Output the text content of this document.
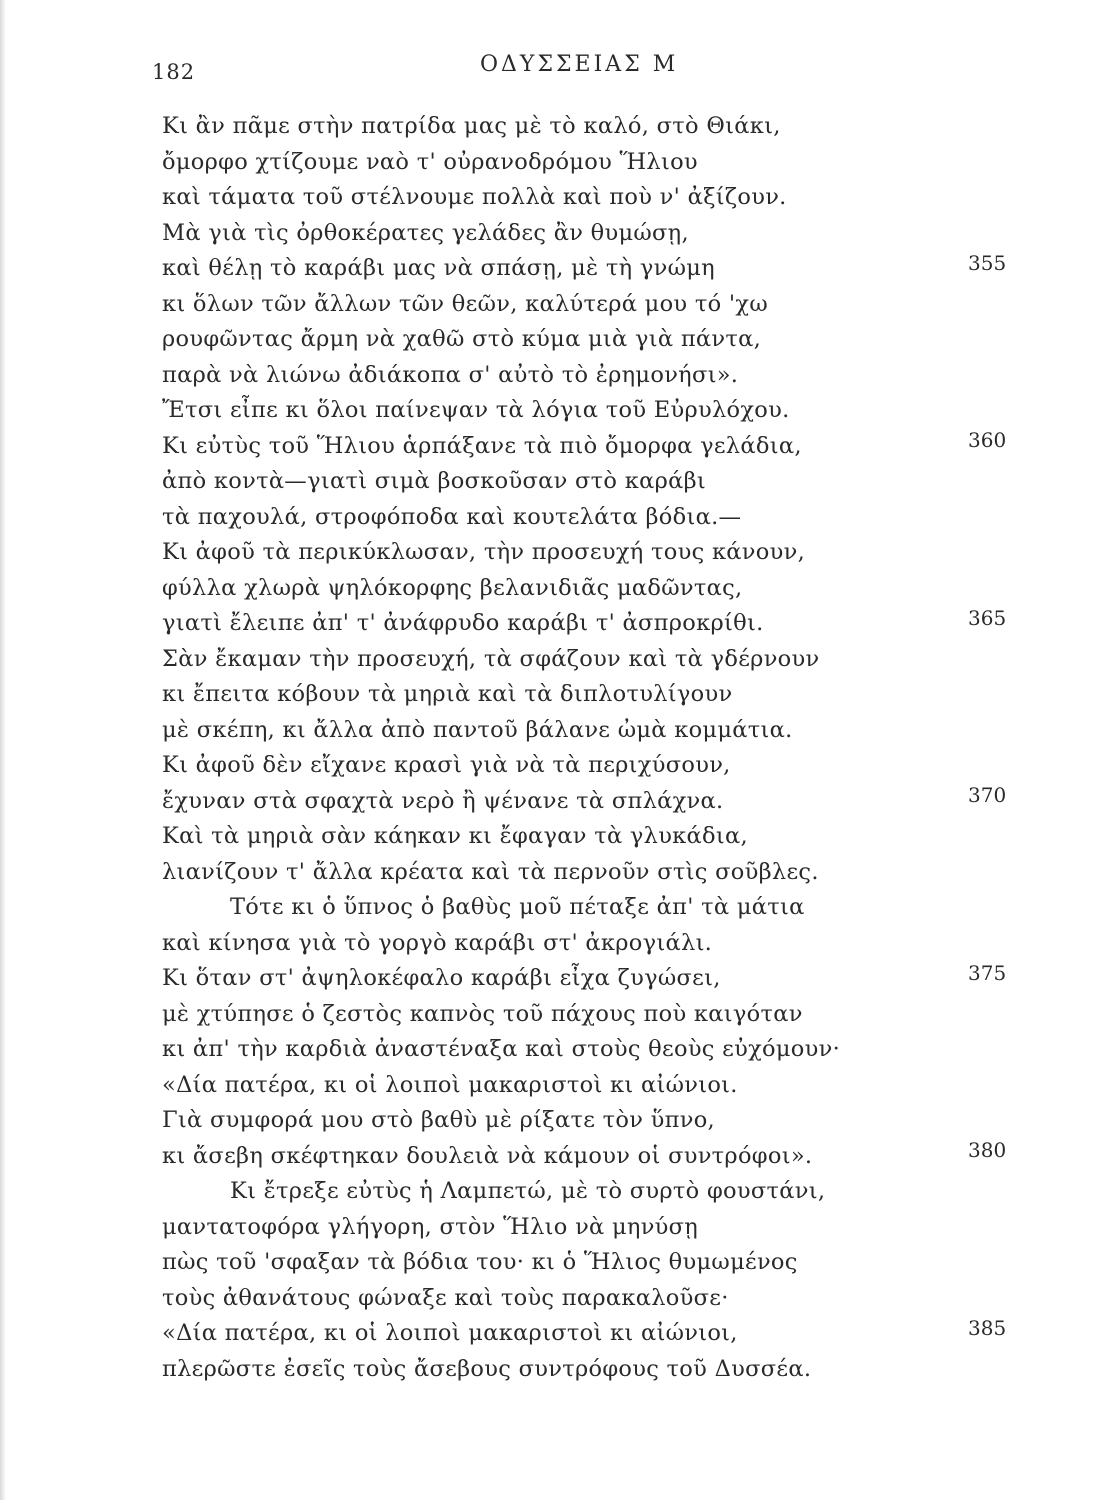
182	ΟΔΥΣΣΕΙΑΣ Μ
Κι ἂν πᾶμε στὴν πατρίδα μας μὲ τὸ καλό, στὸ Θιάκι,
ὄμορφο χτίζουμε ναὸ τ' οὐρανοδρόμου Ἥλιου
καὶ τάματα τοῦ στέλνουμε πολλὰ καὶ ποὺ ν' ἀξίζουν.
Μὰ γιὰ τὶς ὀρθοκέρατες γελάδες ἂν θυμώσῃ,
καὶ θέλῃ τὸ καράβι μας νὰ σπάσῃ, μὲ τὴ γνώμη
κι ὅλων τῶν ἄλλων τῶν θεῶν, καλύτερά μου τό 'χω
ρουφῶντας ἄρμη νὰ χαθῶ στὸ κύμα μιὰ γιὰ πάντα,
παρὰ νὰ λιώνω ἀδιάκοπα σ' αὐτὸ τὸ ἐρημονήσι».
Ἔτσι εἶπε κι ὅλοι παίνεψαν τὰ λόγια τοῦ Εὐρυλόχου.
Κι εὐτὺς τοῦ Ἥλιου ἁρπάξανε τὰ πιὸ ὄμορφα γελάδια,
ἀπὸ κοντὰ—γιατὶ σιμὰ βοσκοῦσαν στὸ καράβι
τὰ παχουλά, στροφόποδα καὶ κουτελάτα βόδια.—
Κι ἀφοῦ τὰ περικύκλωσαν, τὴν προσευχή τους κάνουν,
φύλλα χλωρὰ ψηλόκορφης βελανιδιᾶς μαδῶντας,
γιατὶ ἔλειπε ἀπ' τ' ἀνάφρυδο καράβι τ' ἀσπροκρίθι.
Σὰν ἔκαμαν τὴν προσευχή, τὰ σφάζουν καὶ τὰ γδέρνουν
κι ἔπειτα κόβουν τὰ μηριὰ καὶ τὰ διπλοτυλίγουν
μὲ σκέπη, κι ἄλλα ἀπὸ παντοῦ βάλανε ὠμὰ κομμάτια.
Κι ἀφοῦ δὲν εἴχανε κρασὶ γιὰ νὰ τὰ περιχύσουν,
ἔχυναν στὰ σφαχτὰ νερὸ ἢ ψένανε τὰ σπλάχνα.
Καὶ τὰ μηριὰ σὰν κάηκαν κι ἔφαγαν τὰ γλυκάδια,
λιανίζουν τ' ἄλλα κρέατα καὶ τὰ περνοῦν στὶς σοῦβλες.
Τότε κι ὁ ὕπνος ὁ βαθὺς μοῦ πέταξε ἀπ' τὰ μάτια
καὶ κίνησα γιὰ τὸ γοργὸ καράβι στ' ἀκρογιάλι.
Κι ὅταν στ' ἀψηλοκέφαλο καράβι εἶχα ζυγώσει,
μὲ χτύπησε ὁ ζεστὸς καπνὸς τοῦ πάχους ποὺ καιγόταν
κι ἀπ' τὴν καρδιὰ ἀναστέναξα καὶ στοὺς θεοὺς εὐχόμουν·
«Δία πατέρα, κι οἱ λοιποὶ μακαριστοὶ κι αἰώνιοι.
Γιὰ συμφορά μου στὸ βαθὺ μὲ ρίξατε τὸν ὕπνο,
κι ἄσεβη σκέφτηκαν δουλειὰ νὰ κάμουν οἱ συντρόφοι».
Κι ἔτρεξε εὐτὺς ἡ Λαμπετώ, μὲ τὸ συρτὸ φουστάνι,
μαντατοφόρα γλήγορη, στὸν Ἥλιο νὰ μηνύσῃ
πὼς τοῦ 'σφαξαν τὰ βόδια του· κι ὁ Ἥλιος θυμωμένος
τοὺς ἀθανάτους φώναξε καὶ τοὺς παρακαλοῦσε·
«Δία πατέρα, κι οἱ λοιποὶ μακαριστοὶ κι αἰώνιοι,
πλερῶστε ἐσεῖς τοὺς ἄσεβους συντρόφους τοῦ Δυσσέα.
355
360
365
370
375
380
385
